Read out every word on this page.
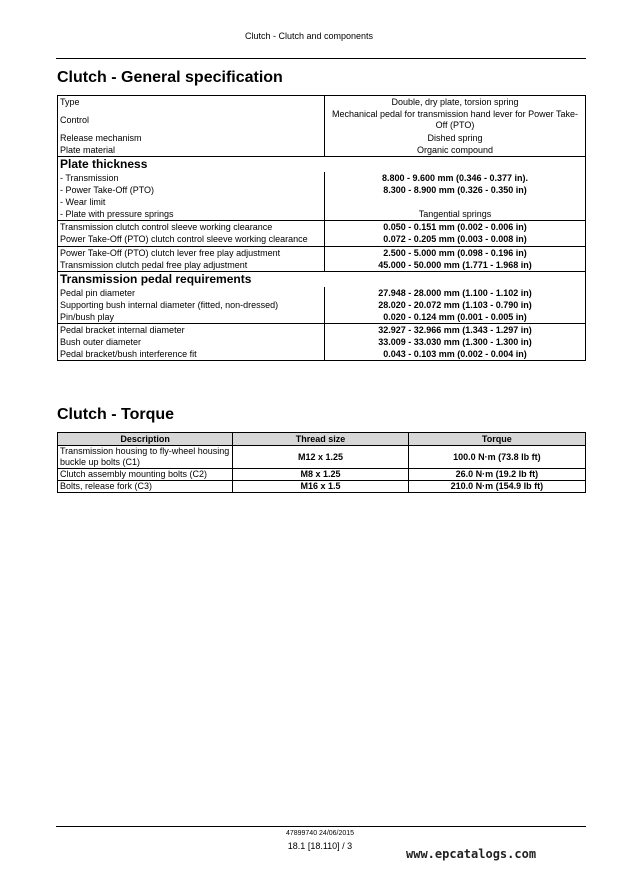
Clutch - Clutch and components
Clutch - General specification
Type	Double, dry plate, torsion spring
Control	Mechanical pedal for transmission hand lever for Power Take-Off (PTO)
Release mechanism	Dished spring
Plate material	Organic compound
Plate thickness	
- Transmission	8.800 - 9.600 mm (0.346 - 0.377 in).
- Power Take-Off (PTO)	8.300 - 8.900 mm (0.326 - 0.350 in)
- Wear limit	
- Plate with pressure springs	Tangential springs
Transmission clutch control sleeve working clearance	0.050 - 0.151 mm (0.002 - 0.006 in)
Power Take-Off (PTO) clutch control sleeve working clearance	0.072 - 0.205 mm (0.003 - 0.008 in)
Power Take-Off (PTO) clutch lever free play adjustment	2.500 - 5.000 mm (0.098 - 0.196 in)
Transmission clutch pedal free play adjustment	45.000 - 50.000 mm (1.771 - 1.968 in)
Transmission pedal requirements	
Pedal pin diameter	27.948 - 28.000 mm (1.100 - 1.102 in)
Supporting bush internal diameter (fitted, non-dressed)	28.020 - 20.072 mm (1.103 - 0.790 in)
Pin/bush play	0.020 - 0.124 mm (0.001 - 0.005 in)
Pedal bracket internal diameter	32.927 - 32.966 mm (1.343 - 1.297 in)
Bush outer diameter	33.009 - 33.030 mm (1.300 - 1.300 in)
Pedal bracket/bush interference fit	0.043 - 0.103 mm (0.002 - 0.004 in)
Clutch - Torque
Description	Thread size	Torque
Transmission housing to fly-wheel housing buckle up bolts (C1)	M12 x 1.25	100.0 N·m (73.8 lb ft)
Clutch assembly mounting bolts (C2)	M8 x 1.25	26.0 N·m (19.2 lb ft)
Bolts, release fork (C3)	M16 x 1.5	210.0 N·m (154.9 lb ft)
47899740 24/06/2015
18.1 [18.110] / 3
www.epcatalogs.com
